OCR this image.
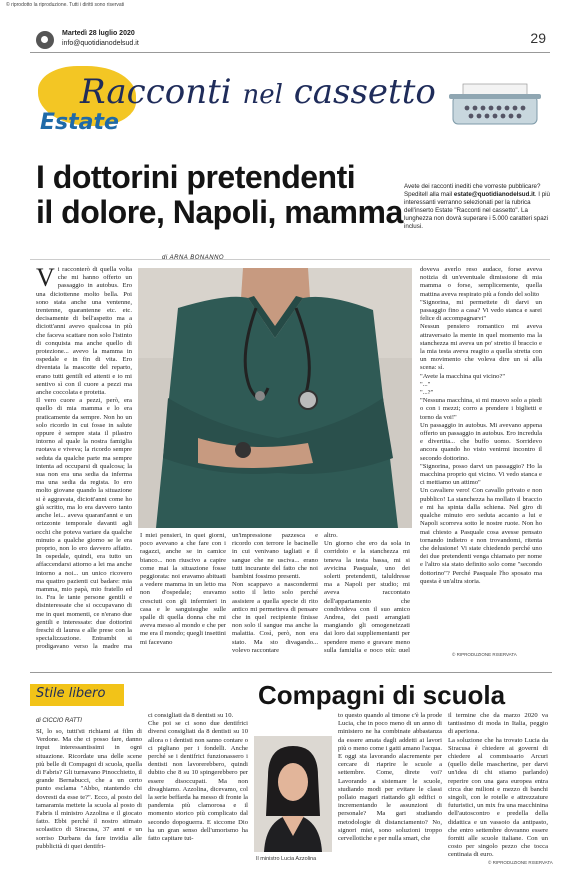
© riprodotto la riproduzione. Tutti i diritti sono riservati
Martedì 28 luglio 2020
info@quotidianodelsud.it	29
Racconti nel cassetto
Estate
I dottorini pretendenti
il dolore, Napoli, mamma
Avete dei racconti inediti che vorreste pubblicare? Speditell alla mail estate@quotidianodelsud.it. I più interessanti verranno selezionati per la rubrica dell'inserto Estate "Racconti nel cassetto". La lunghezza non dovrà superare i 5.000 caratteri spazi inclusi.
di ARNA BONANNO
Vi racconterò di quella volta che mi hanno offerto un passaggio in autobus. Ero una diciottenne molto bella. Poi sono stata anche una ventenne, trentenne, quarantenne etc. etc. decisamente di bell'aspetto ma a diciott'anni avevo qualcosa in più che faceva scattare non solo l'istinto di conquista ma anche quello di protezione... avevo la mamma in ospedale e in fin di vita. Ero diventata la mascotte del reparto, erano tutti gentili ed attenti e io mi sentivo sì con il cuore a pezzi ma anche coccolata e protetta.
Il vero cuore a pezzi, però, era quello di mia mamma e lo era praticamente da sempre. Non ho un solo ricordo in cui fosse in salute oppure è sempre stata il pilastro intorno al quale la nostra famiglia ruotava e viveva; la ricordo sempre seduta da qualche parte ma sempre intenta ad occuparsi di qualcosa; la sua non era una sedia da inferma ma una sedia da regista. Io ero molto giovane quando la situazione si è aggravata, diciott'anni come ho già scritto, ma lo era davvero tanto anche lei... aveva quarant'anni e un orizzonte temporale davanti agli occhi che poteva variare da qualche minuto a qualche giorno se le era proprio, non lo ero davvero affatto. In ospedale, quindi, era tutto un affaccendarsi attorno a lei ma anche intorno a noi... un unico ricovero ma quattro pazienti cui badare: mia mamma, mio papà, mio fratello ed io. Fra le tante persone gentili e disinteressate che si occupavano di me in quei momenti, ce n'erano due gentili e interessate: due dottorini freschi di laurea e alle prese con la specializzazione. Entrambi si prodigavano verso la madre ma
I miei pensieri, in quei giorni, poco avevano a che fare con i ragazzi, anche se in camice bianco... non riuscivo a capire come mai la situazione fosse peggiorata: noi eravamo abituati a vedere mamma in un letto ma non d'ospedale; eravamo cresciuti con gli infermieri in casa e le sanguisughe sulle spalle di quella donna che mi aveva messo al mondo e che per me era il mondo; quegli insettini mi facevano
un'impressione pazzesca e ricordo con terrore le bacinelle in cui venivano tagliati e il sangue che ne usciva... erano tutti incurante del fatto che noi bambini fossimo presenti.
Non scappavo a nascondermi sotto il letto solo perché assistere a quella specie di rito antico mi permetteva di pensare che in quel recipiente finisse non solo il sangue ma anche la malattia. Così, però, non era stato. Ma sto divagando... volevo raccontare
altro.
Un giorno che ero da sola in corridoio e la stanchezza mi teneva la testa bassa, mi si avvicina Pasquale, uno dei solerti pretendenti, taluldresse ma a Napoli per studio; mi aveva raccontato dell'appartamento che condivideva con il suo amico Andrea, dei pasti arrangiati mangiando gli omogeneizzati dai loro dai suppliementanti per spendere meno e gravare meno sulla famiglia e poco più; quel
doveva averlo reso audace, forse aveva notizia di un'eventuale dimissione di mia mamma o forse, semplicemente, quella mattina aveva respirato più a fondo del solito
"Signorina, mi permettete di darvi un passaggio fino a casa? Vi vedo stanca e sarei felice di accompagnarvi"
Nessun pensiero romantico mi aveva attraversato la mente in quel momento ma la stanchezza mi aveva un po' stretto il braccio e la mia testa aveva reagito a quella stretta con un movimento che voleva dire un sì alla scena: sì.
"Avete la macchina qui vicino?"
"..."
"...?"
"Nessuna macchina, si mi muovo solo a piedi o con i mezzi; corro a prendere i biglietti e torno da voi!"
Un passaggio in autobus. Mi avevano appena offerto un passaggio in autobus. Ero incredula e divertita... che buffo uomo. Sorridevo ancora quando ho visto venirmi incontro il secondo dottorino.
"Signorina, posso darvi un passaggio? Ho la macchina proprio qui vicino. Vi vedo stanca e ci mettiamo un attimo"
Un cavaliere vero! Con cavallo privato e non pubblico! La stanchezza ha mollato il braccio e mi ha spinta dalla schiena. Nel giro di qualche minuto ero seduta accanto a lui e Napoli scorreva sotto le nostre ruote. Non ho mai chiesto a Pasquale cosa avesse pensato tornando indietro e non trovandomi, ritenta che delusione! Vi state chiedendo perché uno dei due pretendenti venga chiamato per nome e l'altro sia stato definito solo come "secondo dottorino"? Perché Pasquale l'ho sposato ma questa è un'altra storia.
© RIPRODUZIONE RISERVATA
Stile libero	Compagni di scuola
di CICCIO RATTI
SI, lo so, tutti'sti richiami ai film di Verdone. Ma che ci posso fare, danno input interessantissimi in ogni situazione. Ricordate una delle scene più belle di Compagni di scuola, quella di Fabris? Gli turnavano Pinocchietto, il grande Bernabucci, che a un certo punto esclama "Abbo, ntantendo chi dovresti da esse te?". Ecco, al posto del tamaramia mettete la scuola al posto di Fabris il ministro Azzolina e il giocato fatto. Ebbi perché il nostro stimato scolastico di Siracusa, 37 anni e un sorriso Durbans da fare invidia alle pubblicità di quei dentifri-
ci consigliati da 8 dentisti su 10.
Che poi se ci sono due dentifrici diversi consigliati da 8 dentisti su 10 allora o i dentisti non sanno contare o ci pigliano per i fondelli. Anche perché se i dentifrici funzionassero i dentisti non lavorerebbero, quindi dubito che 8 su 10 spingerebbero per essere disoccupati. Ma non divaghiamo. Azzolina, dicevamo, col la serie beffarda ha messo di fronte la pandemia più clamorosa e il momento storico più complicato dal secondo dopoguerra. E siccome Dio ha un gran senso dell'umorismo ha fatto capitare tut-
Il ministro Lucia Azzolina
to questo quando al timone c'è la prode Lucia, che in poco meno di un anno di ministero ne ha combinate abbastanza da essere amata dagli addetti ai lavori più o meno come i gatti amano l'acqua. E oggi sta lavorando alacremente per cercare di riaprire le scuole a settembre. Come, direte voi? Lavorando a sistemare le scuole, studiando modi per evitare le classi pollaio magari riattando gli edifici o incrementando le assunzioni di personale? Ma gari studiando metodologie di distanciamento? No, signori miei, sono soluzioni troppo cervellotiche e per nulla smart, che
il termine che da marzo 2020 va tantissimo di moda in Italia, peggio di aperiona.
La soluzione che ha trovato Lucia da Siracusa è chiedere ai governi di chiedere al commissario Arcuri (quello delle mascherine, per darvi un'idea di chi stiamo parlando) reperire con una gara europea entra circa due milioni e mezzo di banchi singoli, con le rotelle e attrezzature futuristici, un mix fra una macchinina dell'autoscontro e predella della didattica e un vassoio da antipasto, che entro settembre dovranno essere forniti alle scuole italiane. Con un costo per singolo pezzo che tocca centinaia di euro.

© RIPRODUZIONE RISERVATA
